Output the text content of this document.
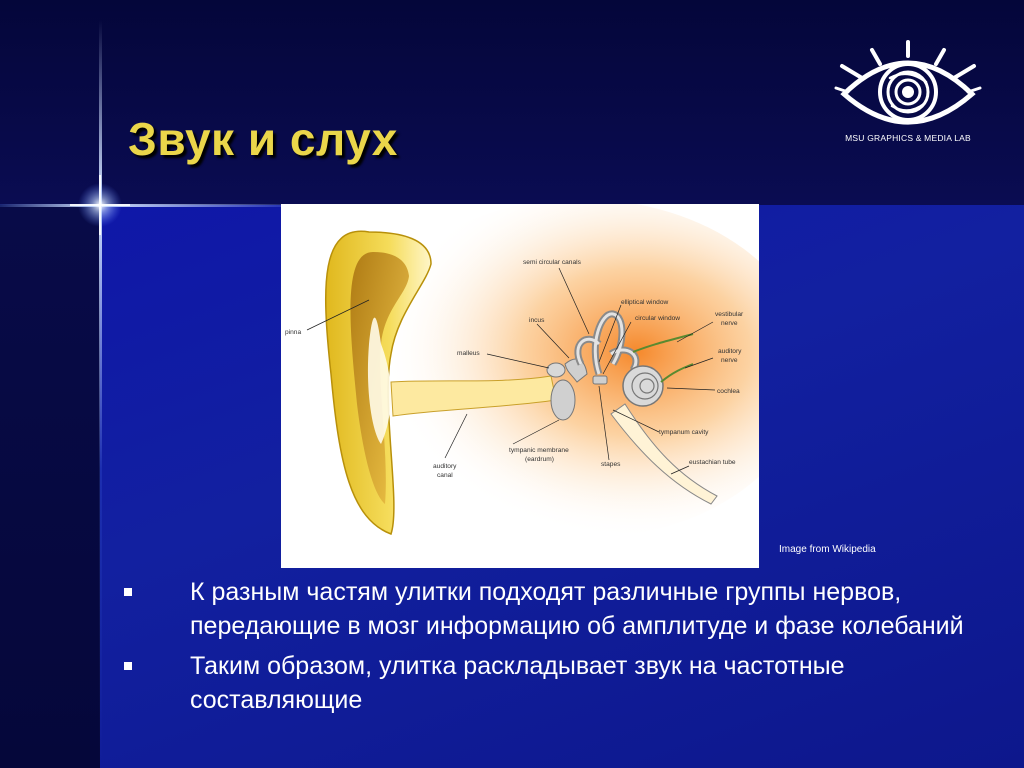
Звук и слух	MSU GRAPHICS & MEDIA LAB
semi circular canals
elliptical window
circular window
incus
vestibular
nerve
auditory
nerve
pinna
malleus
cochlea
tympanum cavity
tympanic membrane
(eardrum)
stapes	eustachian tube
auditory
canal
Image from Wikipedia
К разным частям улитки подходят различные группы нервов, передающие в мозг информацию об амплитуде и фазе колебаний
Таким образом, улитка раскладывает звук на частотные составляющие
